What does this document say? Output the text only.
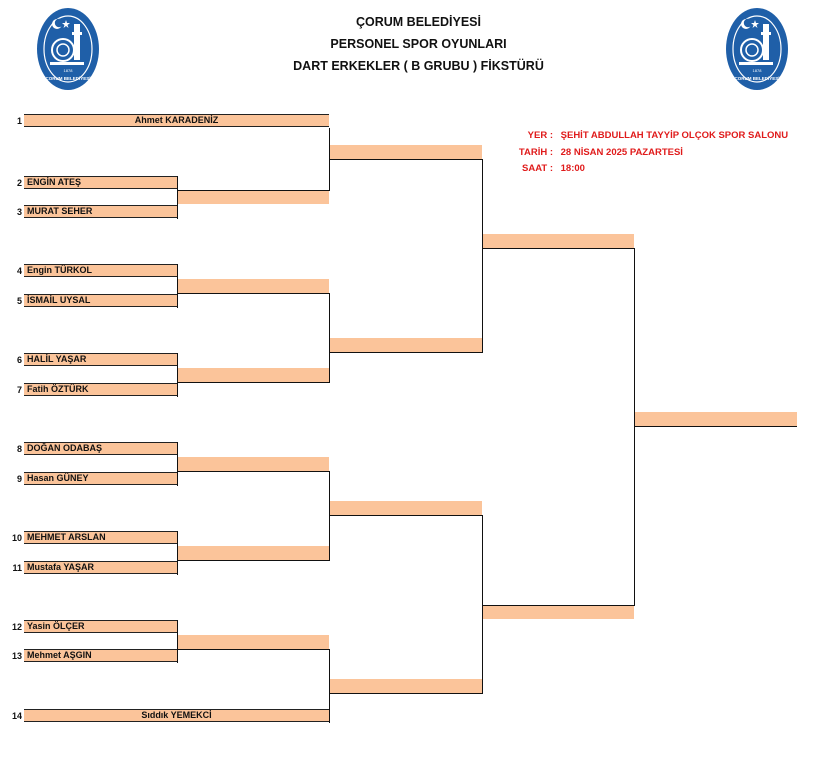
ÇORUM BELEDİYESİ
PERSONEL SPOR OYUNLARI
DART ERKEKLER ( B GRUBU ) FİKSTÜRÜ
1878
ÇORUM BELEDİYESİ
1878
ÇORUM BELEDİYESİ
YER : ŞEHİT ABDULLAH TAYYİP OLÇOK SPOR SALONU
TARİH : 28 NİSAN 2025 PAZARTESİ
SAAT : 18:00
1
2
3
4
5
6
7
8
9
10
11
12
13
14
Ahmet KARADENİZ
ENGİN ATEŞ
MURAT SEHER
Engin TÜRKOL
İSMAİL UYSAL
HALİL YAŞAR
Fatih ÖZTÜRK
DOĞAN ODABAŞ
Hasan GÜNEY
MEHMET ARSLAN
Mustafa YAŞAR
Yasin ÖLÇER
Mehmet AŞGIN
Sıddık YEMEKCİ
